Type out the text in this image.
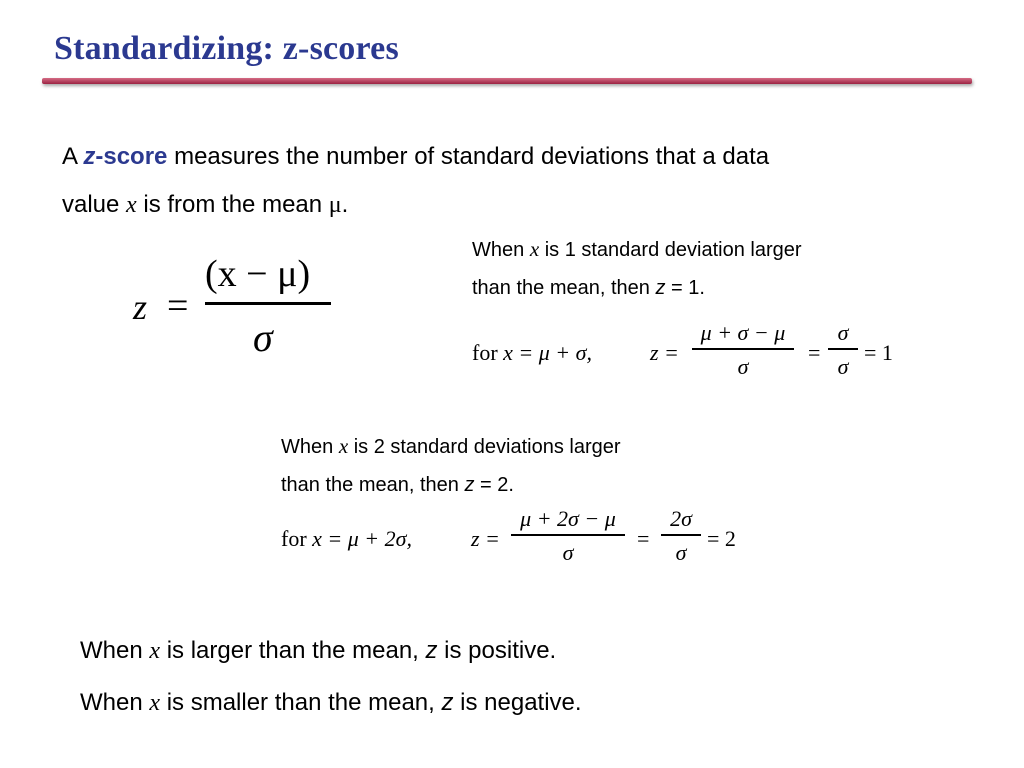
Standardizing: z-scores
A z-score measures the number of standard deviations that a data
value x is from the mean μ.
z =
(x − μ)
σ
When x is 1 standard deviation larger
than the mean, then z = 1.
for x = μ + σ,	z =
μ + σ − μ
σ
=
σ
σ
= 1
When x is 2 standard deviations larger
than the mean, then z = 2.
for x = μ + 2σ,	z =
μ + 2σ − μ
σ
=
2σ
σ
= 2
When x is larger than the mean, z is positive.
When x is smaller than the mean, z is negative.
